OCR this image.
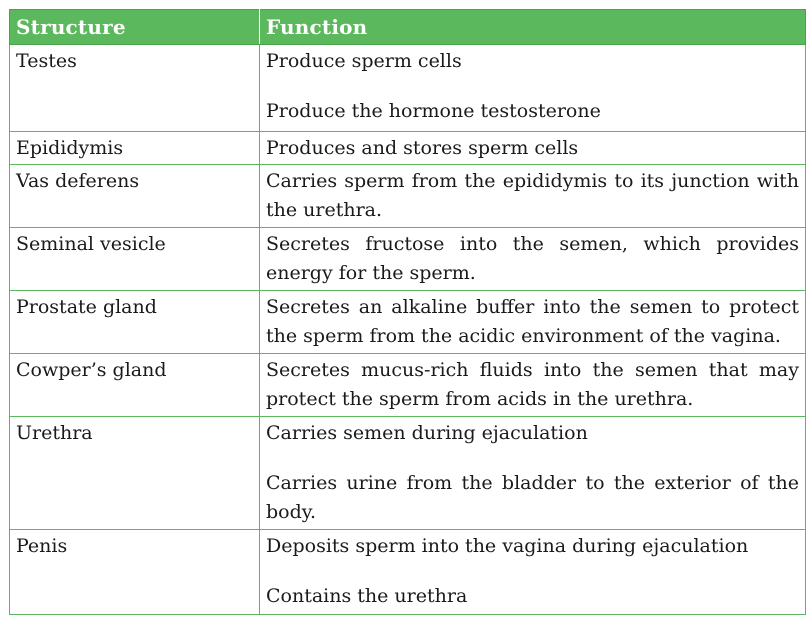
Structure	Function
Testes	Produce sperm cells
Produce the hormone testosterone

Epididymis	Produces and stores sperm cells

Vas deferens	Carries sperm from the epididymis to its junction with the urethra.

Seminal vesicle	Secretes fructose into the semen, which provides energy for the sperm.

Prostate gland	Secretes an alkaline buffer into the semen to protect the sperm from the acidic environment of the vagina.

Cowper’s gland	Secretes mucus-rich fluids into the semen that may protect the sperm from acids in the urethra.

Urethra	Carries semen during ejaculation
Carries urine from the bladder to the exterior of the body.

Penis	Deposits sperm into the vagina during ejaculation
Contains the urethra
